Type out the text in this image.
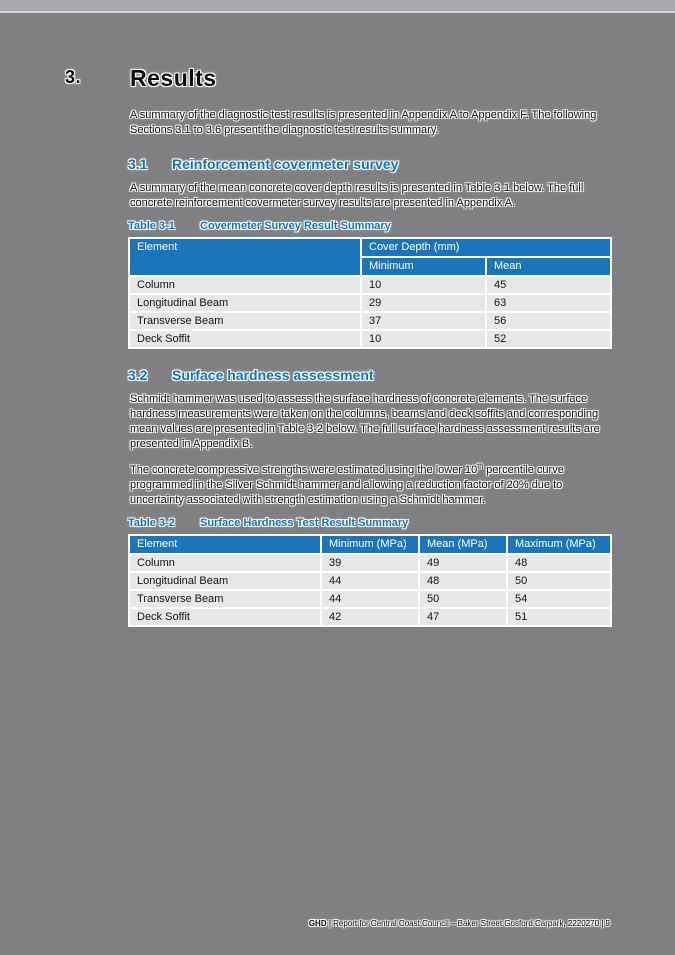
3. Results

A summary of the diagnostic test results is presented in Appendix A to Appendix F. The following Sections 3.1 to 3.6 present the diagnostic test results summary.

3.1 Reinforcement covermeter survey

A summary of the mean concrete cover depth results is presented in Table 3-1 below. The full concrete reinforcement covermeter survey results are presented in Appendix A.

Table 3-1 Covermeter Survey Result Summary
Element	Cover Depth (mm)	
	Minimum	Mean
Column	10	45
Longitudinal Beam	29	63
Transverse Beam	37	56
Deck Soffit	10	52
3.2 Surface hardness assessment

Schmidt hammer was used to assess the surface hardness of concrete elements. The surface hardness measurements were taken on the columns, beams and deck soffits and corresponding mean values are presented in Table 3-2 below. The full surface hardness assessment results are presented in Appendix B.

The concrete compressive strengths were estimated using the lower 10th percentile curve programmed in the Silver Schmidt hammer and allowing a reduction factor of 20% due to uncertainty associated with strength estimation using a Schmidt hammer.

Table 3-2 Surface Hardness Test Result Summary
Element	Minimum (MPa)	Mean (MPa)	Maximum (MPa)
Column	39	49	48
Longitudinal Beam	44	48	50
Transverse Beam	44	50	54
Deck Soffit	42	47	51
GHD | Report for Central Coast Council – Baker Street Gosford Carpark, 2220270 | 9
